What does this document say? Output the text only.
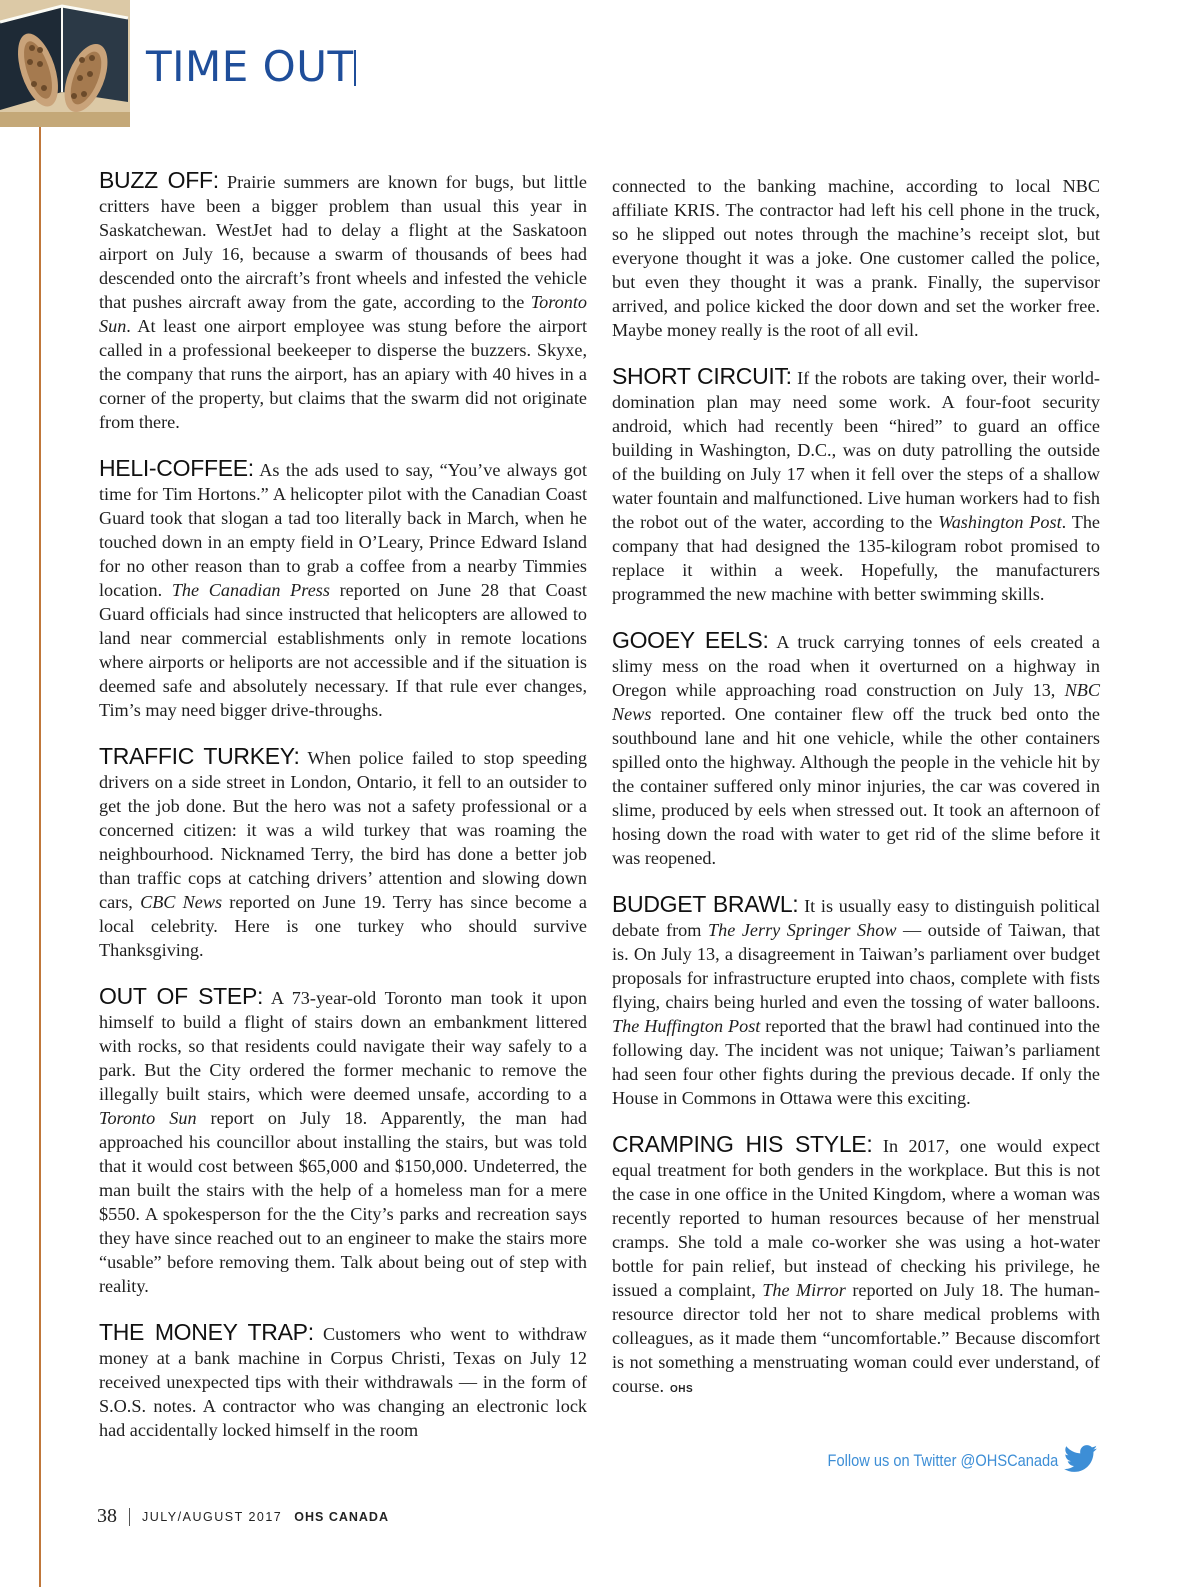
TIME OUT

BUZZ OFF: Prairie summers are known for bugs, but little critters have been a bigger problem than usual this year in Saskatchewan. WestJet had to delay a flight at the Saskatoon airport on July 16, because a swarm of thousands of bees had descended onto the aircraft’s front wheels and infested the vehicle that pushes aircraft away from the gate, according to the Toronto Sun. At least one airport employee was stung before the airport called in a professional beekeeper to disperse the buzzers. Skyxe, the company that runs the airport, has an apiary with 40 hives in a corner of the property, but claims that the swarm did not originate from there.

HELI-COFFEE: As the ads used to say, “You’ve always got time for Tim Hortons.” A helicopter pilot with the Canadian Coast Guard took that slogan a tad too literally back in March, when he touched down in an empty field in O’Leary, Prince Edward Island for no other reason than to grab a coffee from a nearby Timmies location. The Canadian Press reported on June 28 that Coast Guard officials had since instructed that helicopters are allowed to land near commercial establishments only in remote locations where airports or heliports are not accessible and if the situation is deemed safe and absolutely necessary. If that rule ever changes, Tim’s may need bigger drive-throughs.

TRAFFIC TURKEY: When police failed to stop speeding drivers on a side street in London, Ontario, it fell to an outsider to get the job done. But the hero was not a safety professional or a concerned citizen: it was a wild turkey that was roaming the neighbourhood. Nicknamed Terry, the bird has done a better job than traffic cops at catching drivers’ attention and slowing down cars, CBC News reported on June 19. Terry has since become a local celebrity. Here is one turkey who should survive Thanksgiving.

OUT OF STEP: A 73-year-old Toronto man took it upon himself to build a flight of stairs down an embankment littered with rocks, so that residents could navigate their way safely to a park. But the City ordered the former mechanic to remove the illegally built stairs, which were deemed unsafe, according to a Toronto Sun report on July 18. Apparently, the man had approached his councillor about installing the stairs, but was told that it would cost between $65,000 and $150,000. Undeterred, the man built the stairs with the help of a homeless man for a mere $550. A spokesperson for the the City’s parks and recreation says they have since reached out to an engineer to make the stairs more “usable” before removing them. Talk about being out of step with reality.

THE MONEY TRAP: Customers who went to withdraw money at a bank machine in Corpus Christi, Texas on July 12 received unexpected tips with their withdrawals — in the form of S.O.S. notes. A contractor who was changing an electronic lock had accidentally locked himself in the room

connected to the banking machine, according to local NBC affiliate KRIS. The contractor had left his cell phone in the truck, so he slipped out notes through the machine’s receipt slot, but everyone thought it was a joke. One customer called the police, but even they thought it was a prank. Finally, the supervisor arrived, and police kicked the door down and set the worker free. Maybe money really is the root of all evil.

SHORT CIRCUIT: If the robots are taking over, their world-domination plan may need some work. A four-foot security android, which had recently been “hired” to guard an office building in Washington, D.C., was on duty patrolling the outside of the building on July 17 when it fell over the steps of a shallow water fountain and malfunctioned. Live human workers had to fish the robot out of the water, according to the Washington Post. The company that had designed the 135-kilogram robot promised to replace it within a week. Hopefully, the manufacturers programmed the new machine with better swimming skills.

GOOEY EELS: A truck carrying tonnes of eels created a slimy mess on the road when it overturned on a highway in Oregon while approaching road construction on July 13, NBC News reported. One container flew off the truck bed onto the southbound lane and hit one vehicle, while the other containers spilled onto the highway. Although the people in the vehicle hit by the container suffered only minor injuries, the car was covered in slime, produced by eels when stressed out. It took an afternoon of hosing down the road with water to get rid of the slime before it was reopened.

BUDGET BRAWL: It is usually easy to distinguish political debate from The Jerry Springer Show — outside of Taiwan, that is. On July 13, a disagreement in Taiwan’s parliament over budget proposals for infrastructure erupted into chaos, complete with fists flying, chairs being hurled and even the tossing of water balloons. The Huffington Post reported that the brawl had continued into the following day. The incident was not unique; Taiwan’s parliament had seen four other fights during the previous decade. If only the House in Commons in Ottawa were this exciting.

CRAMPING HIS STYLE: In 2017, one would expect equal treatment for both genders in the workplace. But this is not the case in one office in the United Kingdom, where a woman was recently reported to human resources because of her menstrual cramps. She told a male co-worker she was using a hot-water bottle for pain relief, but instead of checking his privilege, he issued a complaint, The Mirror reported on July 18. The human-resource director told her not to share medical problems with colleagues, as it made them “uncomfortable.” Because discomfort is not something a menstruating woman could ever understand, of course. OHS

Follow us on Twitter @OHSCanada
38 JULY/AUGUST 2017 OHS CANADA
